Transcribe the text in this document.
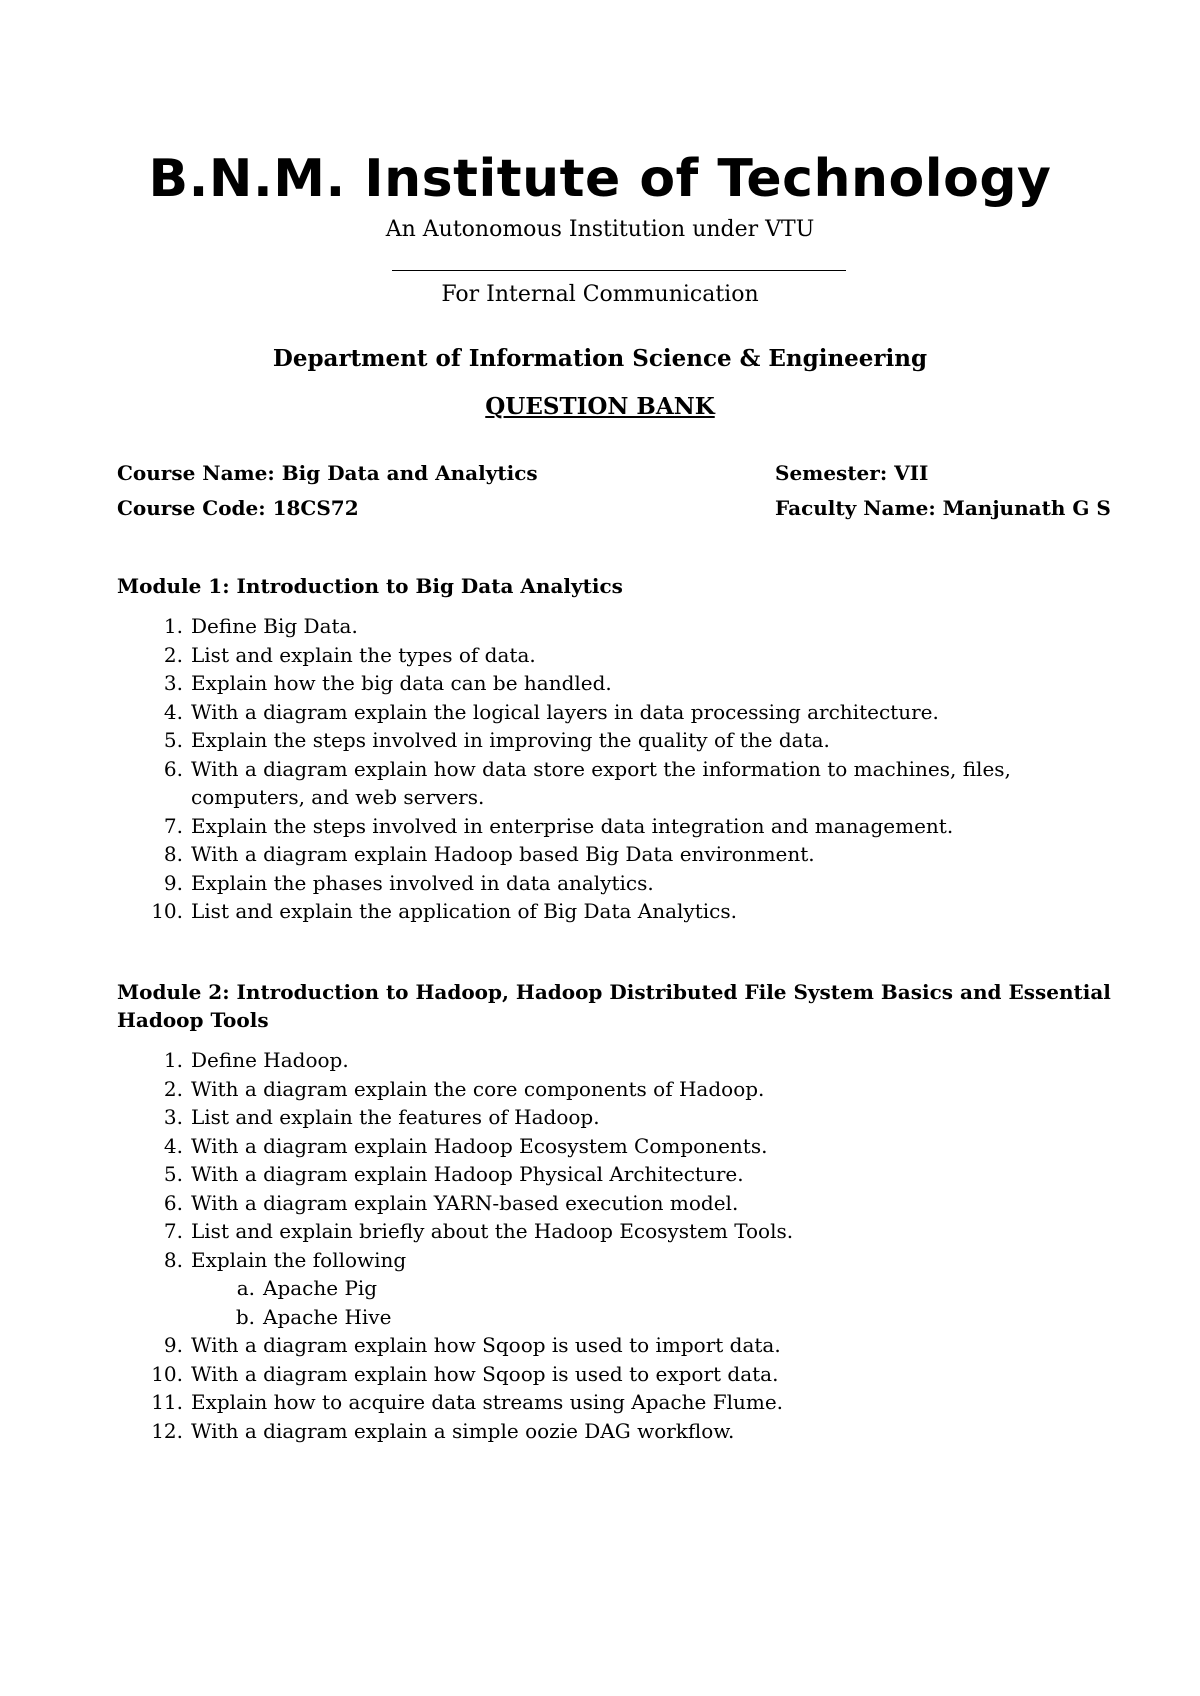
B.N.M. Institute of Technology
An Autonomous Institution under VTU
For Internal Communication
Department of Information Science & Engineering
QUESTION BANK
Course Name: Big Data and Analytics
Course Code: 18CS72
Semester: VII
Faculty Name: Manjunath G S
Module 1: Introduction to Big Data Analytics
1. Define Big Data.
2. List and explain the types of data.
3. Explain how the big data can be handled.
4. With a diagram explain the logical layers in data processing architecture.
5. Explain the steps involved in improving the quality of the data.
6. With a diagram explain how data store export the information to machines, files, computers, and web servers.
7. Explain the steps involved in enterprise data integration and management.
8. With a diagram explain Hadoop based Big Data environment.
9. Explain the phases involved in data analytics.
10. List and explain the application of Big Data Analytics.
Module 2: Introduction to Hadoop, Hadoop Distributed File System Basics and Essential Hadoop Tools
1. Define Hadoop.
2. With a diagram explain the core components of Hadoop.
3. List and explain the features of Hadoop.
4. With a diagram explain Hadoop Ecosystem Components.
5. With a diagram explain Hadoop Physical Architecture.
6. With a diagram explain YARN-based execution model.
7. List and explain briefly about the Hadoop Ecosystem Tools.
8. Explain the following
a. Apache Pig
b. Apache Hive
9. With a diagram explain how Sqoop is used to import data.
10. With a diagram explain how Sqoop is used to export data.
11. Explain how to acquire data streams using Apache Flume.
12. With a diagram explain a simple oozie DAG workflow.
